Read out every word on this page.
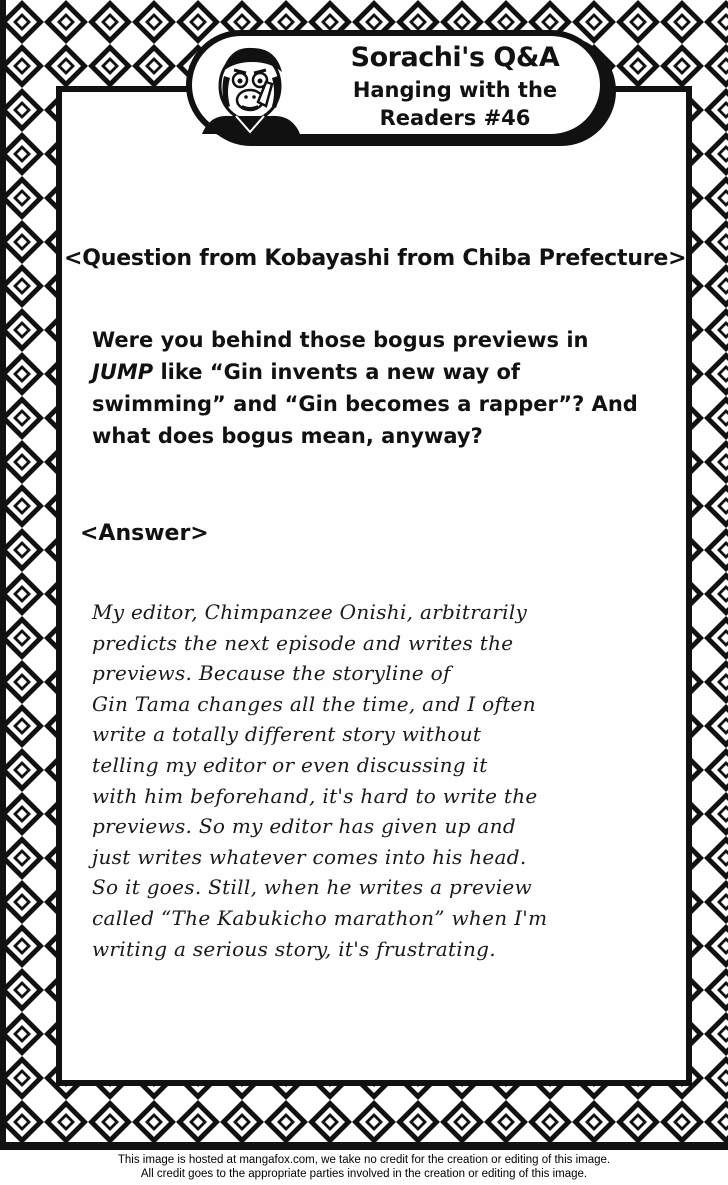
Sorachi's Q&A
Hanging with the
Readers #46
<Question from Kobayashi from Chiba Prefecture>
Were you behind those bogus previews in JUMP like “Gin invents a new way of swimming” and “Gin becomes a rapper”? And what does bogus mean, anyway?
<Answer>
My editor, Chimpanzee Onishi, arbitrarily
predicts the next episode and writes the
previews. Because the storyline of
Gin Tama changes all the time, and I often
write a totally different story without
telling my editor or even discussing it
with him beforehand, it's hard to write the
previews. So my editor has given up and
just writes whatever comes into his head.
So it goes. Still, when he writes a preview
called “The Kabukicho marathon” when I'm
writing a serious story, it's frustrating.
This image is hosted at mangafox.com, we take no credit for the creation or editing of this image.
All credit goes to the appropriate parties involved in the creation or editing of this image.
